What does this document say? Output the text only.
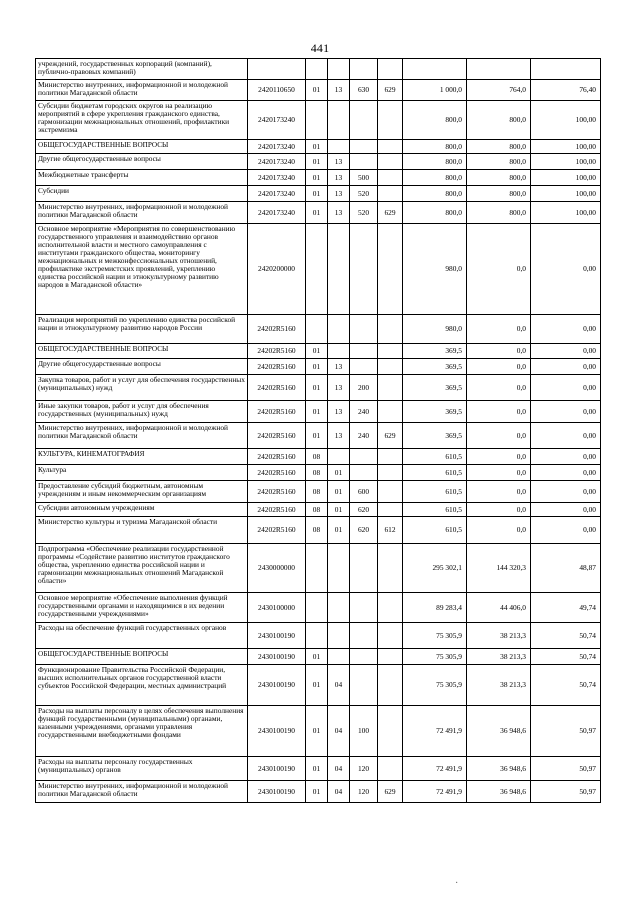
441
учреждений, государственных корпораций (компаний), публично-правовых компаний)								
Министерство внутренних, информационной и молодежной политики Магаданской области	2420110650	01	13	630	629	1 000,0	764,0	76,40
Субсидии бюджетам городских округов на реализацию мероприятий в сфере укрепления гражданского единства, гармонизации межнациональных отношений, профилактики экстремизма	2420173240					800,0	800,0	100,00
ОБЩЕГОСУДАРСТВЕННЫЕ ВОПРОСЫ	2420173240	01				800,0	800,0	100,00
Другие общегосударственные вопросы	2420173240	01	13			800,0	800,0	100,00
Межбюджетные трансферты	2420173240	01	13	500		800,0	800,0	100,00
Субсидии	2420173240	01	13	520		800,0	800,0	100,00
Министерство внутренних, информационной и молодежной политики Магаданской области	2420173240	01	13	520	629	800,0	800,0	100,00
Основное мероприятие «Мероприятия по совершенствованию государственного управления и взаимодействию органов исполнительной власти и местного самоуправления с институтами гражданского общества, мониторингу межнациональных и межконфессиональных отношений, профилактике экстремистских проявлений, укреплению единства российской нации и этнокультурному развитию народов в Магаданской области»	2420200000					980,0	0,0	0,00
Реализация мероприятий по укреплению единства российской нации и этнокультурному развитию народов России	24202R5160					980,0	0,0	0,00
ОБЩЕГОСУДАРСТВЕННЫЕ ВОПРОСЫ	24202R5160	01				369,5	0,0	0,00
Другие общегосударственные вопросы	24202R5160	01	13			369,5	0,0	0,00
Закупка товаров, работ и услуг для обеспечения государственных (муниципальных) нужд	24202R5160	01	13	200		369,5	0,0	0,00
Иные закупки товаров, работ и услуг для обеспечения государственных (муниципальных) нужд	24202R5160	01	13	240		369,5	0,0	0,00
Министерство внутренних, информационной и молодежной политики Магаданской области	24202R5160	01	13	240	629	369,5	0,0	0,00
КУЛЬТУРА, КИНЕМАТОГРАФИЯ	24202R5160	08				610,5	0,0	0,00
Культура	24202R5160	08	01			610,5	0,0	0,00
Предоставление субсидий бюджетным, автономным учреждениям и иным некоммерческим организациям	24202R5160	08	01	600		610,5	0,0	0,00
Субсидии автономным учреждениям	24202R5160	08	01	620		610,5	0,0	0,00
Министерство культуры и туризма Магаданской области	24202R5160	08	01	620	612	610,5	0,0	0,00
Подпрограмма «Обеспечение реализации государственной программы «Содействие развитию институтов гражданского общества, укреплению единства российской нации и гармонизации межнациональных отношений Магаданской области»	2430000000					295 302,1	144 320,3	48,87
Основное мероприятие «Обеспечение выполнения функций государственными органами и находящимися в их ведении государственными учреждениями»	2430100000					89 283,4	44 406,0	49,74
Расходы на обеспечение функций государственных органов	2430100190					75 305,9	38 213,3	50,74
ОБЩЕГОСУДАРСТВЕННЫЕ ВОПРОСЫ	2430100190	01				75 305,9	38 213,3	50,74
Функционирование Правительства Российской Федерации, высших исполнительных органов государственной власти субъектов Российской Федерации, местных администраций	2430100190	01	04			75 305,9	38 213,3	50,74
Расходы на выплаты персоналу в целях обеспечения выполнения функций государственными (муниципальными) органами, казенными учреждениями, органами управления государственными внебюджетными фондами	2430100190	01	04	100		72 491,9	36 948,6	50,97
Расходы на выплаты персоналу государственных (муниципальных) органов	2430100190	01	04	120		72 491,9	36 948,6	50,97
Министерство внутренних, информационной и молодежной политики Магаданской области	2430100190	01	04	120	629	72 491,9	36 948,6	50,97
·
